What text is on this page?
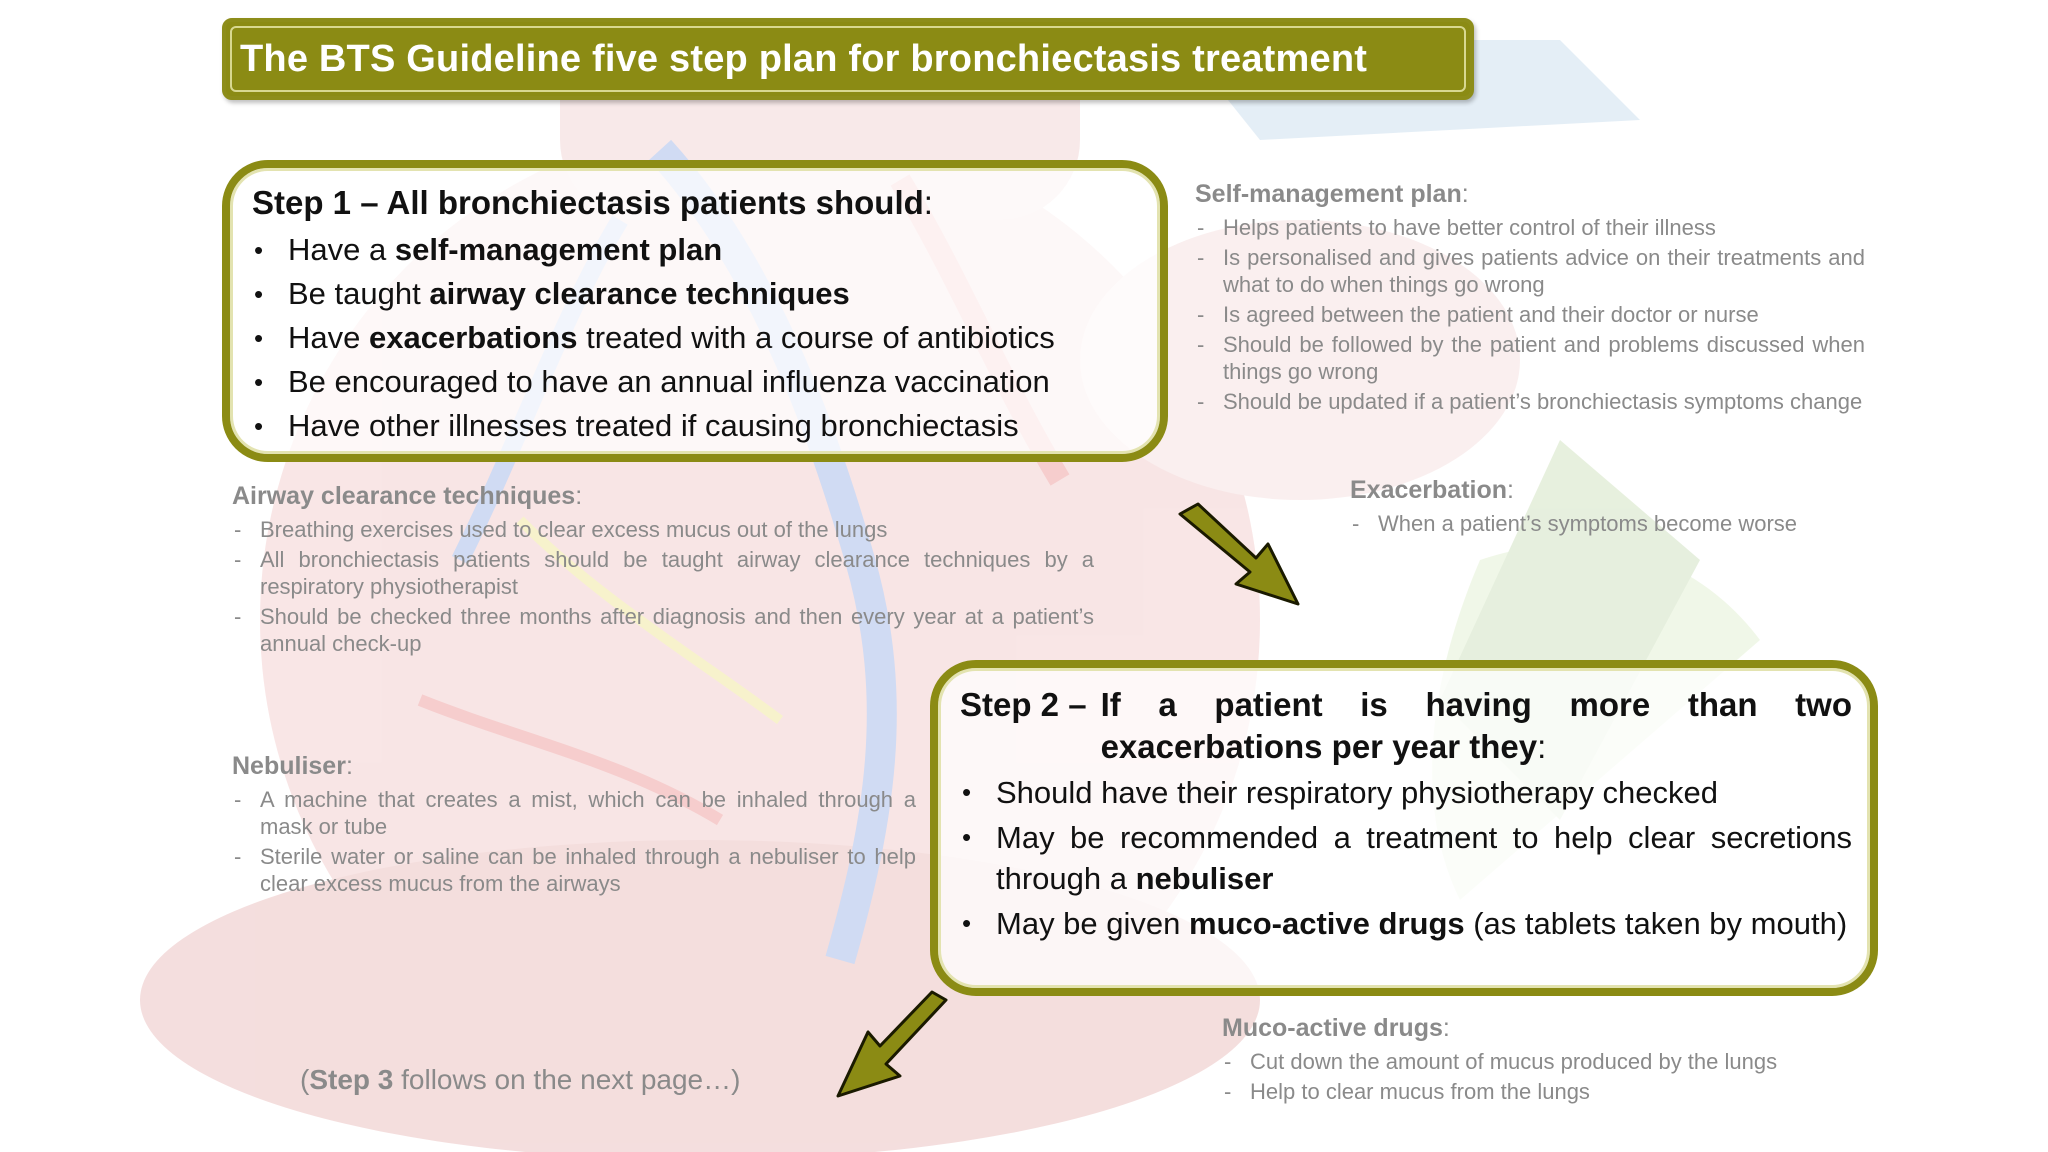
The BTS Guideline five step plan for bronchiectasis treatment
Step 1 – All bronchiectasis patients should:
• Have a self-management plan
• Be taught airway clearance techniques
• Have exacerbations treated with a course of antibiotics
• Be encouraged to have an annual influenza vaccination
• Have other illnesses treated if causing bronchiectasis
Self-management plan:
- Helps patients to have better control of their illness
- Is personalised and gives patients advice on their treatments and what to do when things go wrong
- Is agreed between the patient and their doctor or nurse
- Should be followed by the patient and problems discussed when things go wrong
- Should be updated if a patient’s bronchiectasis symptoms change
Exacerbation:
- When a patient’s symptoms become worse
Airway clearance techniques:
- Breathing exercises used to clear excess mucus out of the lungs
- All bronchiectasis patients should be taught airway clearance techniques by a respiratory physiotherapist
- Should be checked three months after diagnosis and then every year at a patient’s annual check-up
Step 2 – If a patient is having more than two exacerbations per year they:
• Should have their respiratory physiotherapy checked
• May be recommended a treatment to help clear secretions through a nebuliser
• May be given muco-active drugs (as tablets taken by mouth)
Nebuliser:
- A machine that creates a mist, which can be inhaled through a mask or tube
- Sterile water or saline can be inhaled through a nebuliser to help clear excess mucus from the airways
Muco-active drugs:
- Cut down the amount of mucus produced by the lungs
- Help to clear mucus from the lungs
(Step 3 follows on the next page…)
